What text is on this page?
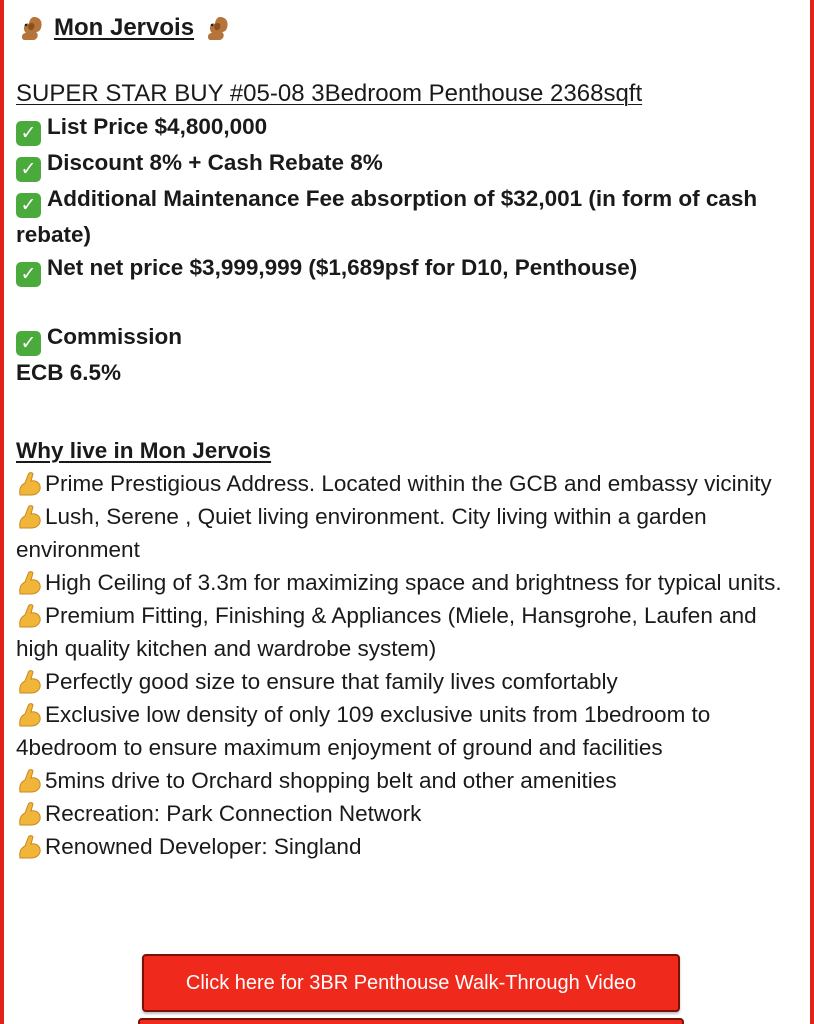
Mon Jervois
SUPER STAR BUY #05-08 3Bedroom Penthouse 2368sqft
✓ List Price $4,800,000
✓ Discount 8% + Cash Rebate 8%
✓ Additional Maintenance Fee absorption of $32,001 (in form of cash rebate)
✓ Net net price $3,999,999 ($1,689psf for D10, Penthouse)
✓ Commission
ECB 6.5%
Why live in Mon Jervois
Prime Prestigious Address. Located within the GCB and embassy vicinity
Lush, Serene , Quiet living environment. City living within a garden environment
High Ceiling of 3.3m for maximizing space and brightness for typical units.
Premium Fitting, Finishing & Appliances (Miele, Hansgrohe, Laufen and high quality kitchen and wardrobe system)
Perfectly good size to ensure that family lives comfortably
Exclusive low density of only 109 exclusive units from 1bedroom to 4bedroom to ensure maximum enjoyment of ground and facilities
5mins drive to Orchard shopping belt and other amenities
Recreation: Park Connection Network
Renowned Developer: Singland
Click here for 3BR Penthouse Walk-Through Video
